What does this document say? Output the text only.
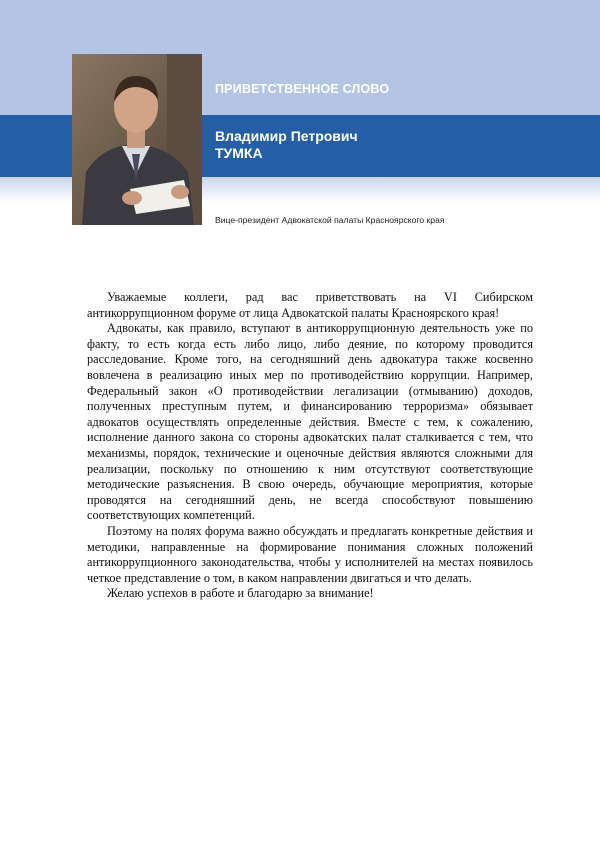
ПРИВЕТСТВЕННОЕ СЛОВО
Владимир Петрович
ТУМКА
Вице-президент Адвокатской палаты Красноярского края

Уважаемые коллеги, рад вас приветствовать на VI Сибирском антикоррупционном форуме от лица Адвокатской палаты Красноярского края!

Адвокаты, как правило, вступают в антикоррупционную деятельность уже по факту, то есть когда есть либо лицо, либо деяние, по которому проводится расследование. Кроме того, на сегодняшний день адвокатура также косвенно вовлечена в реализацию иных мер по противодействию коррупции. Например, Федеральный закон «О противодействии легализации (отмыванию) доходов, полученных преступным путем, и финансированию терроризма» обязывает адвокатов осуществлять определенные действия. Вместе с тем, к сожалению, исполнение данного закона со стороны адвокатских палат сталкивается с тем, что механизмы, порядок, технические и оценочные действия являются сложными для реализации, поскольку по отношению к ним отсутствуют соответствующие методические разъяснения. В свою очередь, обучающие мероприятия, которые проводятся на сегодняшний день, не всегда способствуют повышению соответствующих компетенций.

Поэтому на полях форума важно обсуждать и предлагать конкретные действия и методики, направленные на формирование понимания сложных положений антикоррупционного законодательства, чтобы у исполнителей на местах появилось четкое представление о том, в каком направлении двигаться и что делать.

Желаю успехов в работе и благодарю за внимание!
